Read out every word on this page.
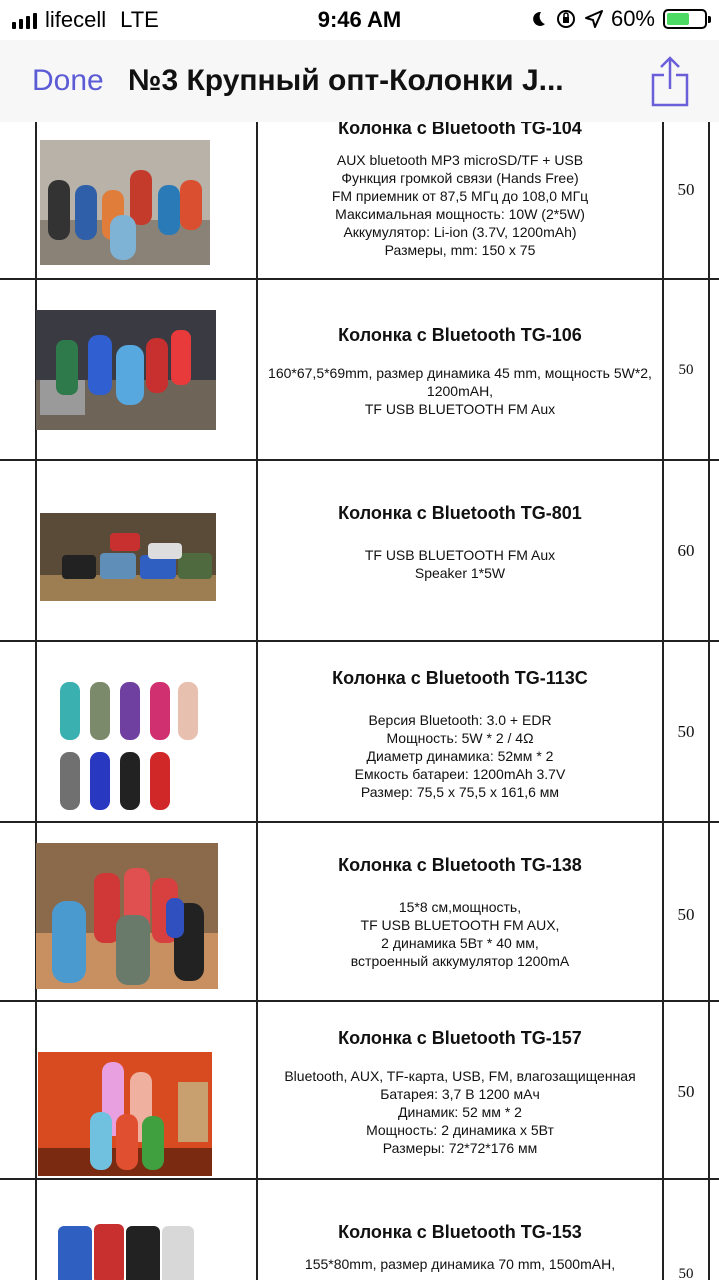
lifecell LTE	9:46 AM	60%
Done №3 Крупный опт-Колонки J...
Колонка с Bluetooth TG-104
AUX bluetooth MP3 microSD/TF + USB
Функция громкой связи (Hands Free)
FM приемник от 87,5 МГц до 108,0 МГц
Максимальная мощность: 10W (2*5W)
Аккумулятор: Li-ion (3.7V, 1200mAh)
Размеры, mm: 150 x 75
50
Колонка с Bluetooth TG-106
160*67,5*69mm, размер динамика 45 mm, мощность 5W*2,
1200mAH,
TF USB BLUETOOTH FM Aux
50
Колонка с Bluetooth TG-801
TF USB BLUETOOTH FM Aux
Speaker 1*5W
60
Колонка с Bluetooth TG-113C
Версия Bluetooth: 3.0 + EDR
Мощность: 5W * 2 / 4Ω
Диаметр динамика: 52мм * 2
Емкость батареи: 1200mAh 3.7V
Размер: 75,5 x 75,5 x 161,6 мм
50
Колонка с Bluetooth TG-138
15*8 см,мощность,
TF USB BLUETOOTH FM AUX,
2 динамика 5Вт * 40 мм,
встроенный аккумулятор 1200mA
50
Колонка с Bluetooth TG-157
Bluetooth, AUX, TF-карта, USB, FM, влагозащищенная
Батарея: 3,7 В 1200 мАч
Динамик: 52 мм * 2
Мощность: 2 динамика x 5Вт
Размеры: 72*72*176 мм
50
Колонка с Bluetooth TG-153
155*80mm, размер динамика 70 mm, 1500mAH,
50
